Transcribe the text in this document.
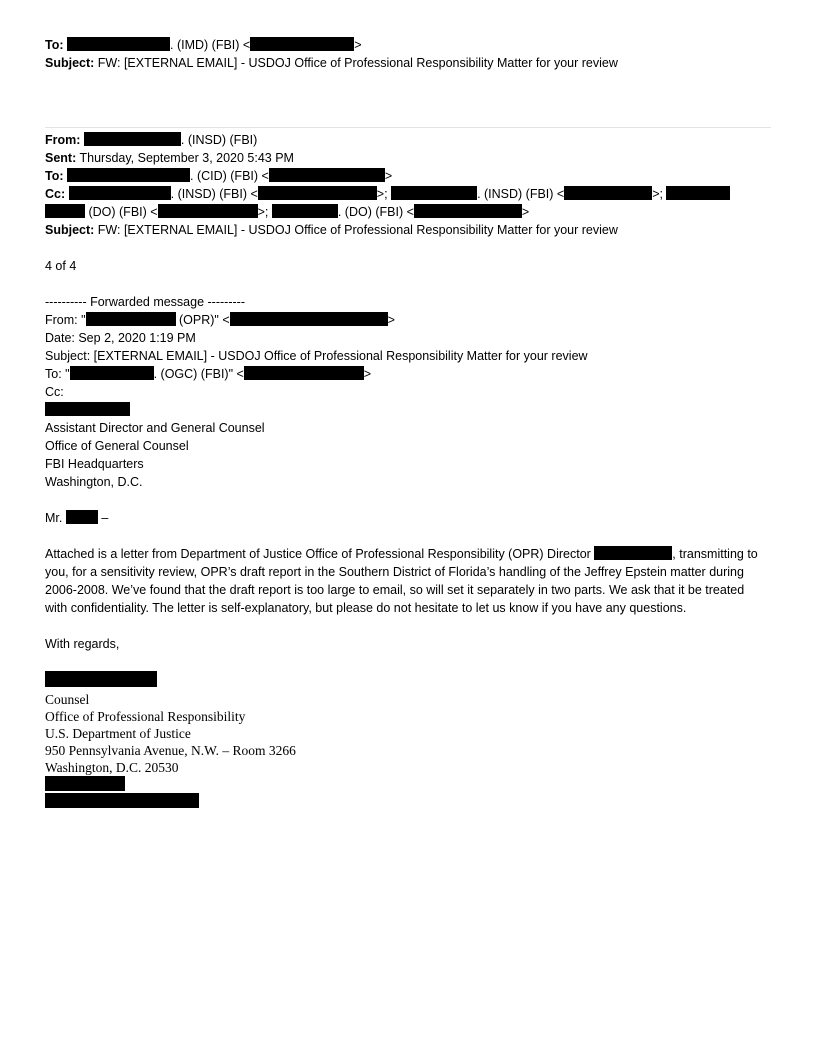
To:	. (IMD) (FBI) <	>
Subject: FW: [EXTERNAL EMAIL] - USDOJ Office of Professional Responsibility Matter for your review
From:	. (INSD) (FBI)
Sent: Thursday, September 3, 2020 5:43 PM
To:	. (CID) (FBI) <	>
Cc:	. (INSD) (FBI) <	>;	. (INSD) (FBI) <	>;
(DO) (FBI) <	>;	. (DO) (FBI) <	>
Subject: FW: [EXTERNAL EMAIL] - USDOJ Office of Professional Responsibility Matter for your review
4 of 4
---------- Forwarded message ---------
From: "	(OPR)" <	>
Date: Sep 2, 2020 1:19 PM
Subject: [EXTERNAL EMAIL] - USDOJ Office of Professional Responsibility Matter for your review
To: "	. (OGC) (FBI)" <	>
Cc:
Assistant Director and General Counsel
Office of General Counsel
FBI Headquarters
Washington, D.C.
Mr.	–
Attached is a letter from Department of Justice Office of Professional Responsibility (OPR) Director	, transmitting to you, for a sensitivity review, OPR’s draft report in the Southern District of Florida’s handling of the Jeffrey Epstein matter during 2006-2008. We’ve found that the draft report is too large to email, so will set it separately in two parts. We ask that it be treated with confidentiality. The letter is self-explanatory, but please do not hesitate to let us know if you have any questions.
With regards,
Counsel
Office of Professional Responsibility
U.S. Department of Justice
950 Pennsylvania Avenue, N.W. – Room 3266
Washington, D.C. 20530
